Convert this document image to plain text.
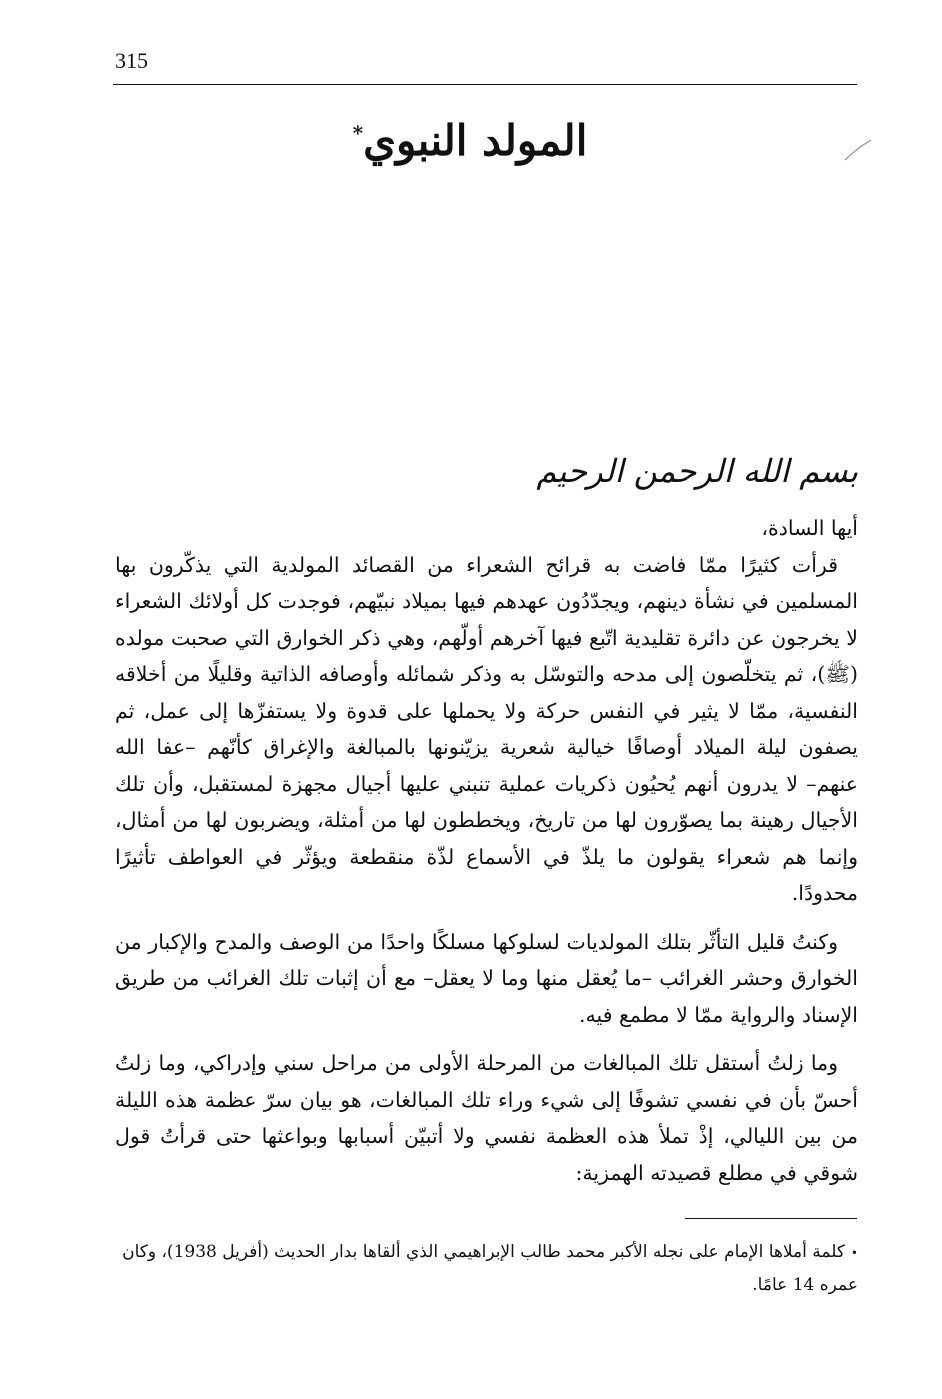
315
المولد النبوي*
بسم الله الرحمن الرحيم

أيها السادة،

قرأت كثيرًا ممّا فاضت به قرائح الشعراء من القصائد المولدية التي يذكّرون بها المسلمين في نشأة دينهم، ويجدّدُون عهدهم فيها بميلاد نبيّهم، فوجدت كل أولائك الشعراء لا يخرجون عن دائرة تقليدية اتّبع فيها آخرهم أولّهم، وهي ذكر الخوارق التي صحبت مولده (ﷺ)، ثم يتخلّصون إلى مدحه والتوسّل به وذكر شمائله وأوصافه الذاتية وقليلًا من أخلاقه النفسية، ممّا لا يثير في النفس حركة ولا يحملها على قدوة ولا يستفزّها إلى عمل، ثم يصفون ليلة الميلاد أوصافًا خيالية شعرية يزيّنونها بالمبالغة والإغراق كأنّهم –عفا الله عنهم– لا يدرون أنهم يُحيُون ذكريات عملية تنبني عليها أجيال مجهزة لمستقبل، وأن تلك الأجيال رهينة بما يصوّرون لها من تاريخ، ويخططون لها من أمثلة، ويضربون لها من أمثال، وإنما هم شعراء يقولون ما يلذّ في الأسماع لذّة منقطعة ويؤثّر في العواطف تأثيرًا محدودًا.

وكنتُ قليل التأثّر بتلك المولديات لسلوكها مسلكًا واحدًا من الوصف والمدح والإكبار من الخوارق وحشر الغرائب –ما يُعقل منها وما لا يعقل– مع أن إثبات تلك الغرائب من طريق الإسناد والرواية ممّا لا مطمع فيه.

وما زلتُ أستقل تلك المبالغات من المرحلة الأولى من مراحل سني وإدراكي، وما زلتُ أحسّ بأن في نفسي تشوفًا إلى شيء وراء تلك المبالغات، هو بيان سرّ عظمة هذه الليلة من بين الليالي، إذْ تملأ هذه العظمة نفسي ولا أتبيّن أسبابها وبواعثها حتى قرأتُ قول شوقي في مطلع قصيدته الهمزية:

•كلمة أملاها الإمام على نجله الأكبر محمد طالب الإبراهيمي الذي ألقاها بدار الحديث (أفريل 1938)، وكان عمره 14 عامًا.
